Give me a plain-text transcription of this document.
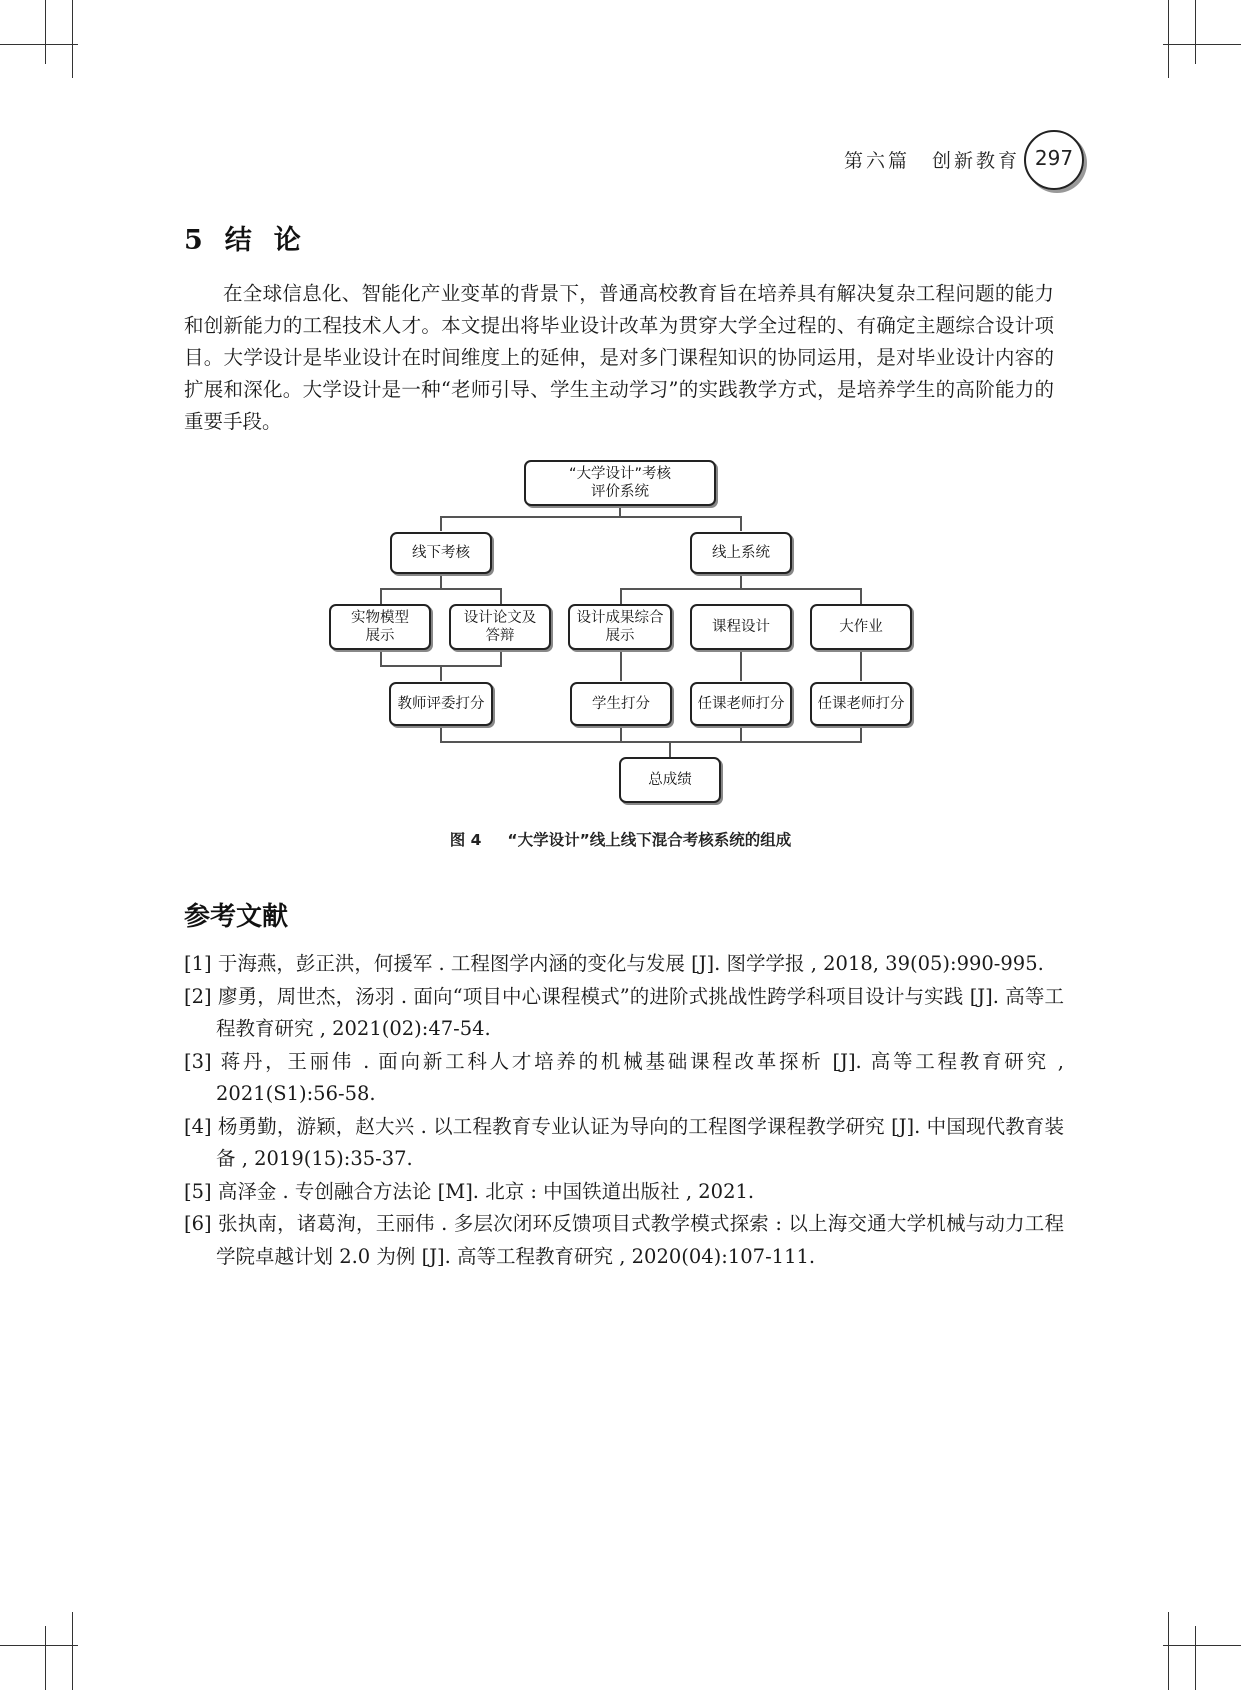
第六篇　创新教育 297
5 结论
在全球信息化、智能化产业变革的背景下，普通高校教育旨在培养具有解决复杂工程问题的能力和创新能力的工程技术人才。本文提出将毕业设计改革为贯穿大学全过程的、有确定主题综合设计项目。大学设计是毕业设计在时间维度上的延伸，是对多门课程知识的协同运用，是对毕业设计内容的扩展和深化。大学设计是一种“老师引导、学生主动学习”的实践教学方式，是培养学生的高阶能力的重要手段。
“大学设计”考核
评价系统
线下考核	线上系统
实物模型
展示
设计论文及
答辩
设计成果综合
展示
课程设计	大作业
教师评委打分	学生打分	任课老师打分	任课老师打分
总成绩
图 4 “大学设计”线上线下混合考核系统的组成
参考文献
[1] 于海燕，彭正洪，何援军 . 工程图学内涵的变化与发展 [J]. 图学学报 , 2018, 39(05):990-995.
[2] 廖勇，周世杰，汤羽 . 面向“项目中心课程模式”的进阶式挑战性跨学科项目设计与实践 [J]. 高等工程教育研究 , 2021(02):47-54.
[3] 蒋丹，王丽伟 . 面向新工科人才培养的机械基础课程改革探析 [J]. 高等工程教育研究 , 2021(S1):56-58.
[4] 杨勇勤，游颖，赵大兴 . 以工程教育专业认证为导向的工程图学课程教学研究 [J]. 中国现代教育装备 , 2019(15):35-37.
[5] 高泽金 . 专创融合方法论 [M]. 北京 : 中国铁道出版社 , 2021.
[6] 张执南，诸葛洵，王丽伟 . 多层次闭环反馈项目式教学模式探索 : 以上海交通大学机械与动力工程学院卓越计划 2.0 为例 [J]. 高等工程教育研究 , 2020(04):107-111.
